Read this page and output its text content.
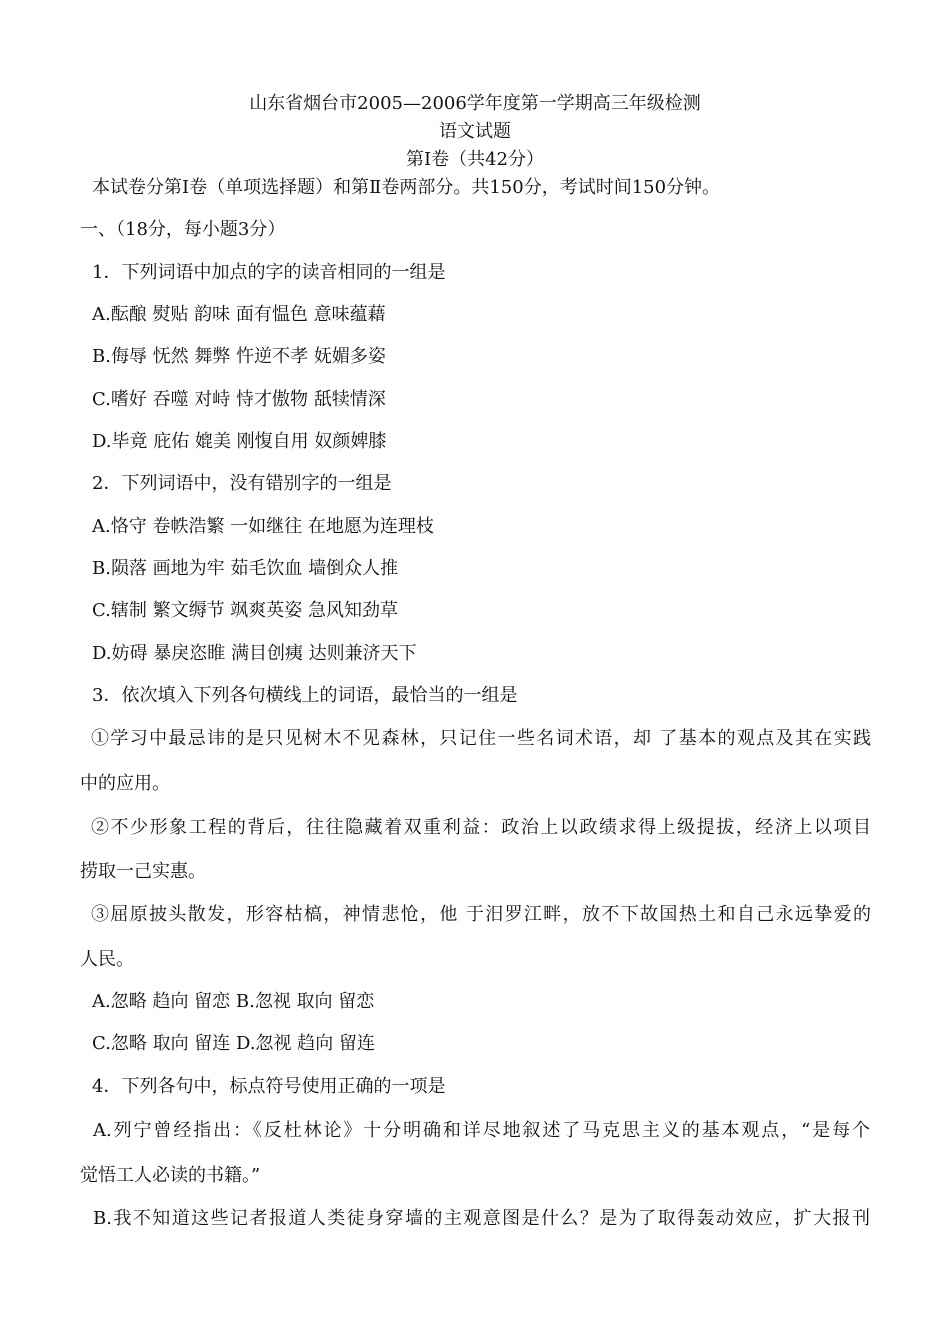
山东省烟台市2005—2006学年度第一学期高三年级检测
语文试题
第Ⅰ卷（共42分）
本试卷分第Ⅰ卷（单项选择题）和第Ⅱ卷两部分。共150分，考试时间150分钟。
一、（18分，每小题3分）
1．下列词语中加点的字的读音相同的一组是
A.酝酿 熨贴 韵味 面有愠色 意味蕴藉
B.侮辱 怃然 舞弊 忤逆不孝 妩媚多姿
C.嗜好 吞噬 对峙 恃才傲物 舐犊情深
D.毕竟 庇佑 媲美 刚愎自用 奴颜婢膝
2．下列词语中，没有错别字的一组是
A.恪守 卷帙浩繁 一如继往 在地愿为连理枝
B.陨落 画地为牢 茹毛饮血 墙倒众人推
C.辖制 繁文缛节 飒爽英姿 急风知劲草
D.妨碍 暴戾恣睢 满目创痍 达则兼济天下
3．依次填入下列各句横线上的词语，最恰当的一组是
①学习中最忌讳的是只见树木不见森林，只记住一些名词术语，却 了基本的观点及其在实践
中的应用。
②不少形象工程的背后，往往隐藏着双重利益：政治上以政绩求得上级提拔，经济上以项目
捞取一己实惠。
③屈原披头散发，形容枯槁，神情悲怆，他 于汨罗江畔，放不下故国热土和自己永远挚爱的
人民。
A.忽略 趋向 留恋 B.忽视 取向 留恋
C.忽略 取向 留连 D.忽视 趋向 留连
4．下列各句中，标点符号使用正确的一项是
A.列宁曾经指出：《反杜林论》十分明确和详尽地叙述了马克思主义的基本观点，“是每个
觉悟工人必读的书籍。”
B.我不知道这些记者报道人类徒身穿墙的主观意图是什么？是为了取得轰动效应，扩大报刊
